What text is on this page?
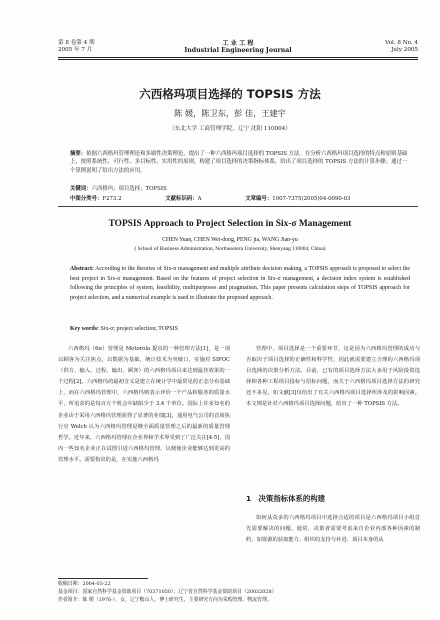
第 8 卷第 4 期
2005 年 7 月
工 业 工 程
Industrial Engineering Journal
Vol. 8 No. 4
July 2005
六西格玛项目选择的 TOPSIS 方法
陈 媛，陈卫东，彭 佳，王建宇
（东北大学 工商管理学院，辽宁 沈阳 110004）
摘要：依据六西格玛管理理论和多属性决策理论，提出了一种六西格玛项目选择的 TOPSIS 方法。在分析六西格玛项目选择的特点和原则基础上，按照系统性、可行性、多目标性、实用性的原则，构建了项目选择的决策指标体系，给出了项目选择的 TOPSIS 方法的计算步骤；通过一个算例说明了给出方法的应用。
关键词：六西格玛；项目选择；TOPSIS
中图分类号：F273.2	文献标识码：A	文章编号：1007-7375(2005)04-0090-03
TOPSIS Approach to Project Selection in Six-σ Management
CHEN Yuan, CHEN Wei-dong, PENG jia, WANG Jian-yu
( School of Business Administration, Northeastern University, Shenyang 110004, China)
Abstract: According to the theories of Six-σ management and multiple attribute decision making, a TOPSIS approach is proposed to select the best project in Six-σ management. Based on the features of project selection in Six-σ management, a decision index system is established following the principles of system, feasibility, multipurposes and pragmatism. This paper presents calculation steps of TOPSIS approach for project selection, and a numerical example is used to illustrate the proposed approach.
Key words: Six-σ; project selection; TOPSIS

六西格玛（6σ）管理是 Motorola 提出的一种管理方法[1]，是一项以顾客为关注焦点，以数据为基础，统计技术为突破口，实施对 SIPOC（供方、输入、过程、输出、顾客）的六西格玛项目来达到最佳效果的一个过程[2]。六西格玛的最初含义是建立在统计学中最常见的正态分布基础上，而在六西格玛管理中，六西格玛则表示评价一个产品和服务的质量水平，所追求的是每百万个机会中缺陷少于 3.4 个单位。国际上许多知名的企业由于采用六西格玛管理获得了显著的业绩[3]，通用电气公司的首席执行官 Welch 认为六西格玛管理是继全面质量管理之后的最新的质量管理哲学。近年来，六西格玛管理在企业界和学术界受到了广泛关注[4-5]，国内一些知名企业正在试图引进六西格玛管理，以便使企业能够达到更高的管理水平。需要指出的是，在实施六西格玛

管理中，项目选择是一个重要环节，这是因为六西格玛管理的成功与否取决于项目选择的正确性和科学性，因此就需要建立合理的六西格玛项目选择的决策分析方法。目前，已有的项目选择方法大多用于风险投资选择和各种工程项目投标与招标问题，而关于六西格玛项目选择方法的研究还不多见，如文献[3]仅给出了有关六西格玛项目选择所涉及的影响因素。本文则是针对六西格玛项目选择问题，给出了一种 TOPSIS 方法。

1　决策指标体系的构建

如何从众多的六西格玛项目中选择合适的项目是六西格玛项目小组首先需要解决的问题。通常，决策者需要考虑来自企业内部各种因素的制约，如资源的获取能力、组织的支持与补进、项目本身的从

收稿日期：2004-03-22
基金项目：国家自然科学基金资助项目（70371050）；辽宁省自然科学基金资助项目（20032028）
作者简介：陈 媛（1976-），女，辽宁鞍山人，博士研究生，主要研究方向为采购管理、物流管理。
